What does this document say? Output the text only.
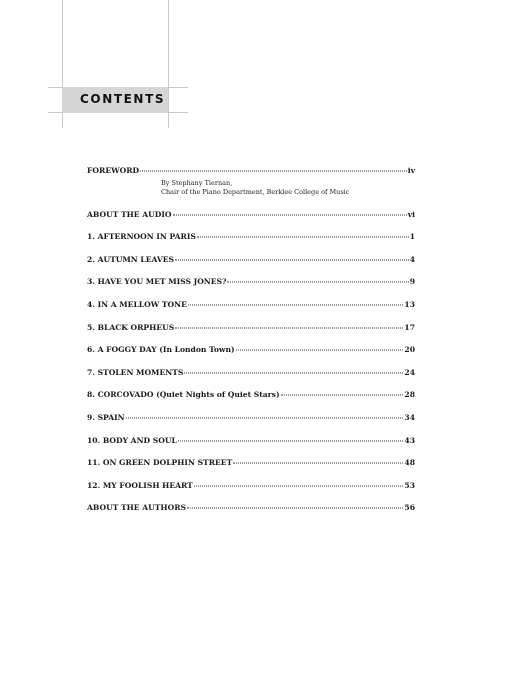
CONTENTS
FOREWORD	iv
By Stephany Tiernan,
Chair of the Piano Department, Berklee College of Music
ABOUT THE AUDIO	vi
1. AFTERNOON IN PARIS	1
2. AUTUMN LEAVES	4
3. HAVE YOU MET MISS JONES?	9
4. IN A MELLOW TONE	13
5. BLACK ORPHEUS	17
6. A FOGGY DAY (In London Town)	20
7. STOLEN MOMENTS	24
8. CORCOVADO (Quiet Nights of Quiet Stars)	28
9. SPAIN	34
10. BODY AND SOUL	43
11. ON GREEN DOLPHIN STREET	48
12. MY FOOLISH HEART	53
ABOUT THE AUTHORS	56
